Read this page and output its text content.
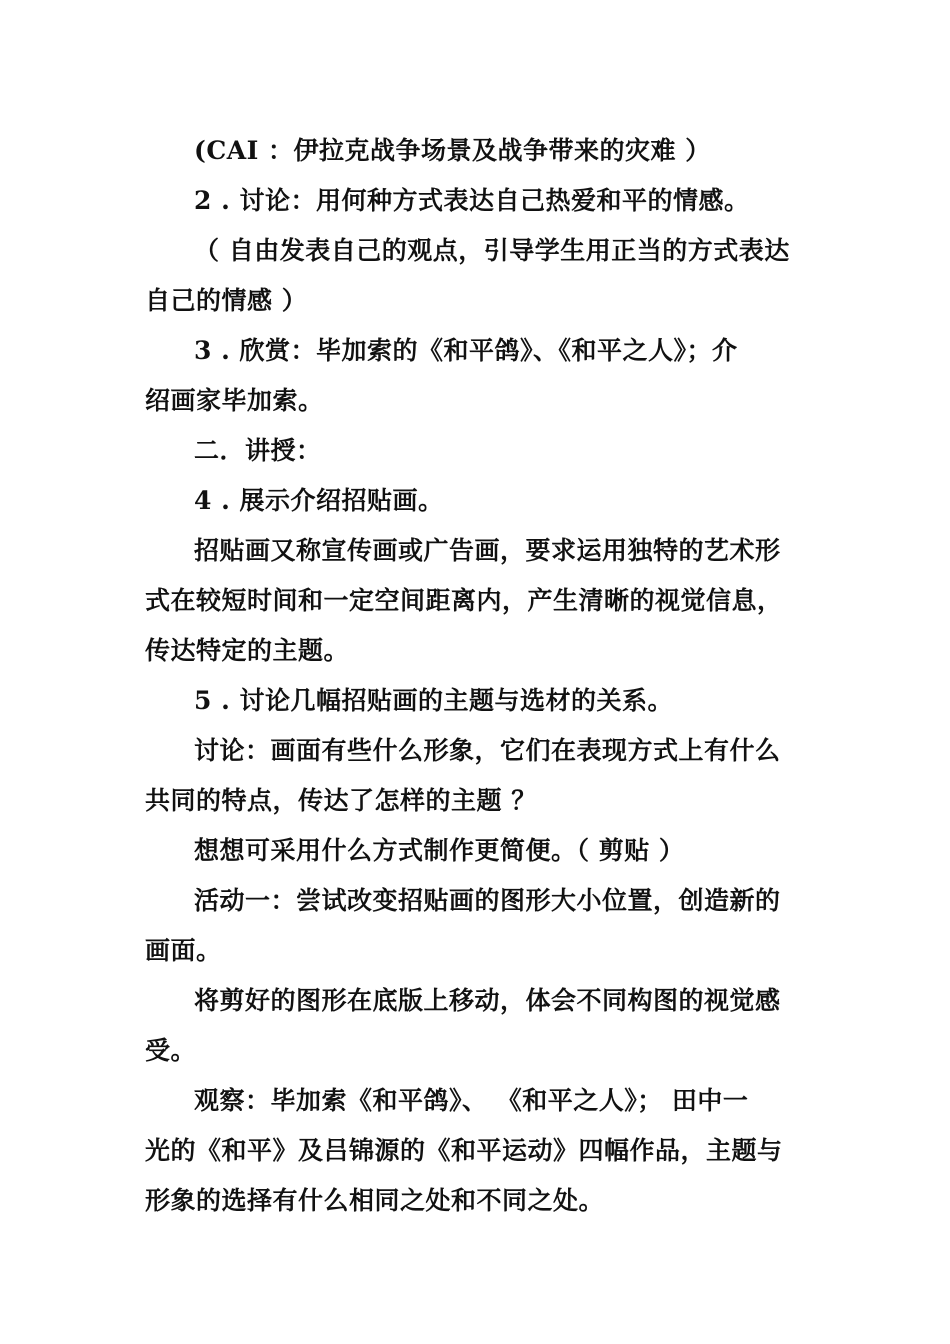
(CAI ：伊拉克战争场景及战争带来的灾难 ）
2 . 讨论：用何种方式表达自己热爱和平的情感。
（ 自由发表自己的观点，引导学生用正当的方式表达
自己的情感 ）
3 . 欣赏：毕加索的《和平鸽》、《和平之人》；介
绍画家毕加索。
二．讲授：
4 . 展示介绍招贴画。
招贴画又称宣传画或广告画，要求运用独特的艺术形
式在较短时间和一定空间距离内，产生清晰的视觉信息，
传达特定的主题。
5 . 讨论几幅招贴画的主题与选材的关系。
讨论：画面有些什么形象，它们在表现方式上有什么
共同的特点，传达了怎样的主题 ？
想想可采用什么方式制作更简便。（ 剪贴 ）
活动一：尝试改变招贴画的图形大小位置，创造新的
画面。
将剪好的图形在底版上移动，体会不同构图的视觉感
受。
观察：毕加索《和平鸽》、 《和平之人》； 田中一
光的《和平》及吕锦源的《和平运动》四幅作品，主题与
形象的选择有什么相同之处和不同之处。
